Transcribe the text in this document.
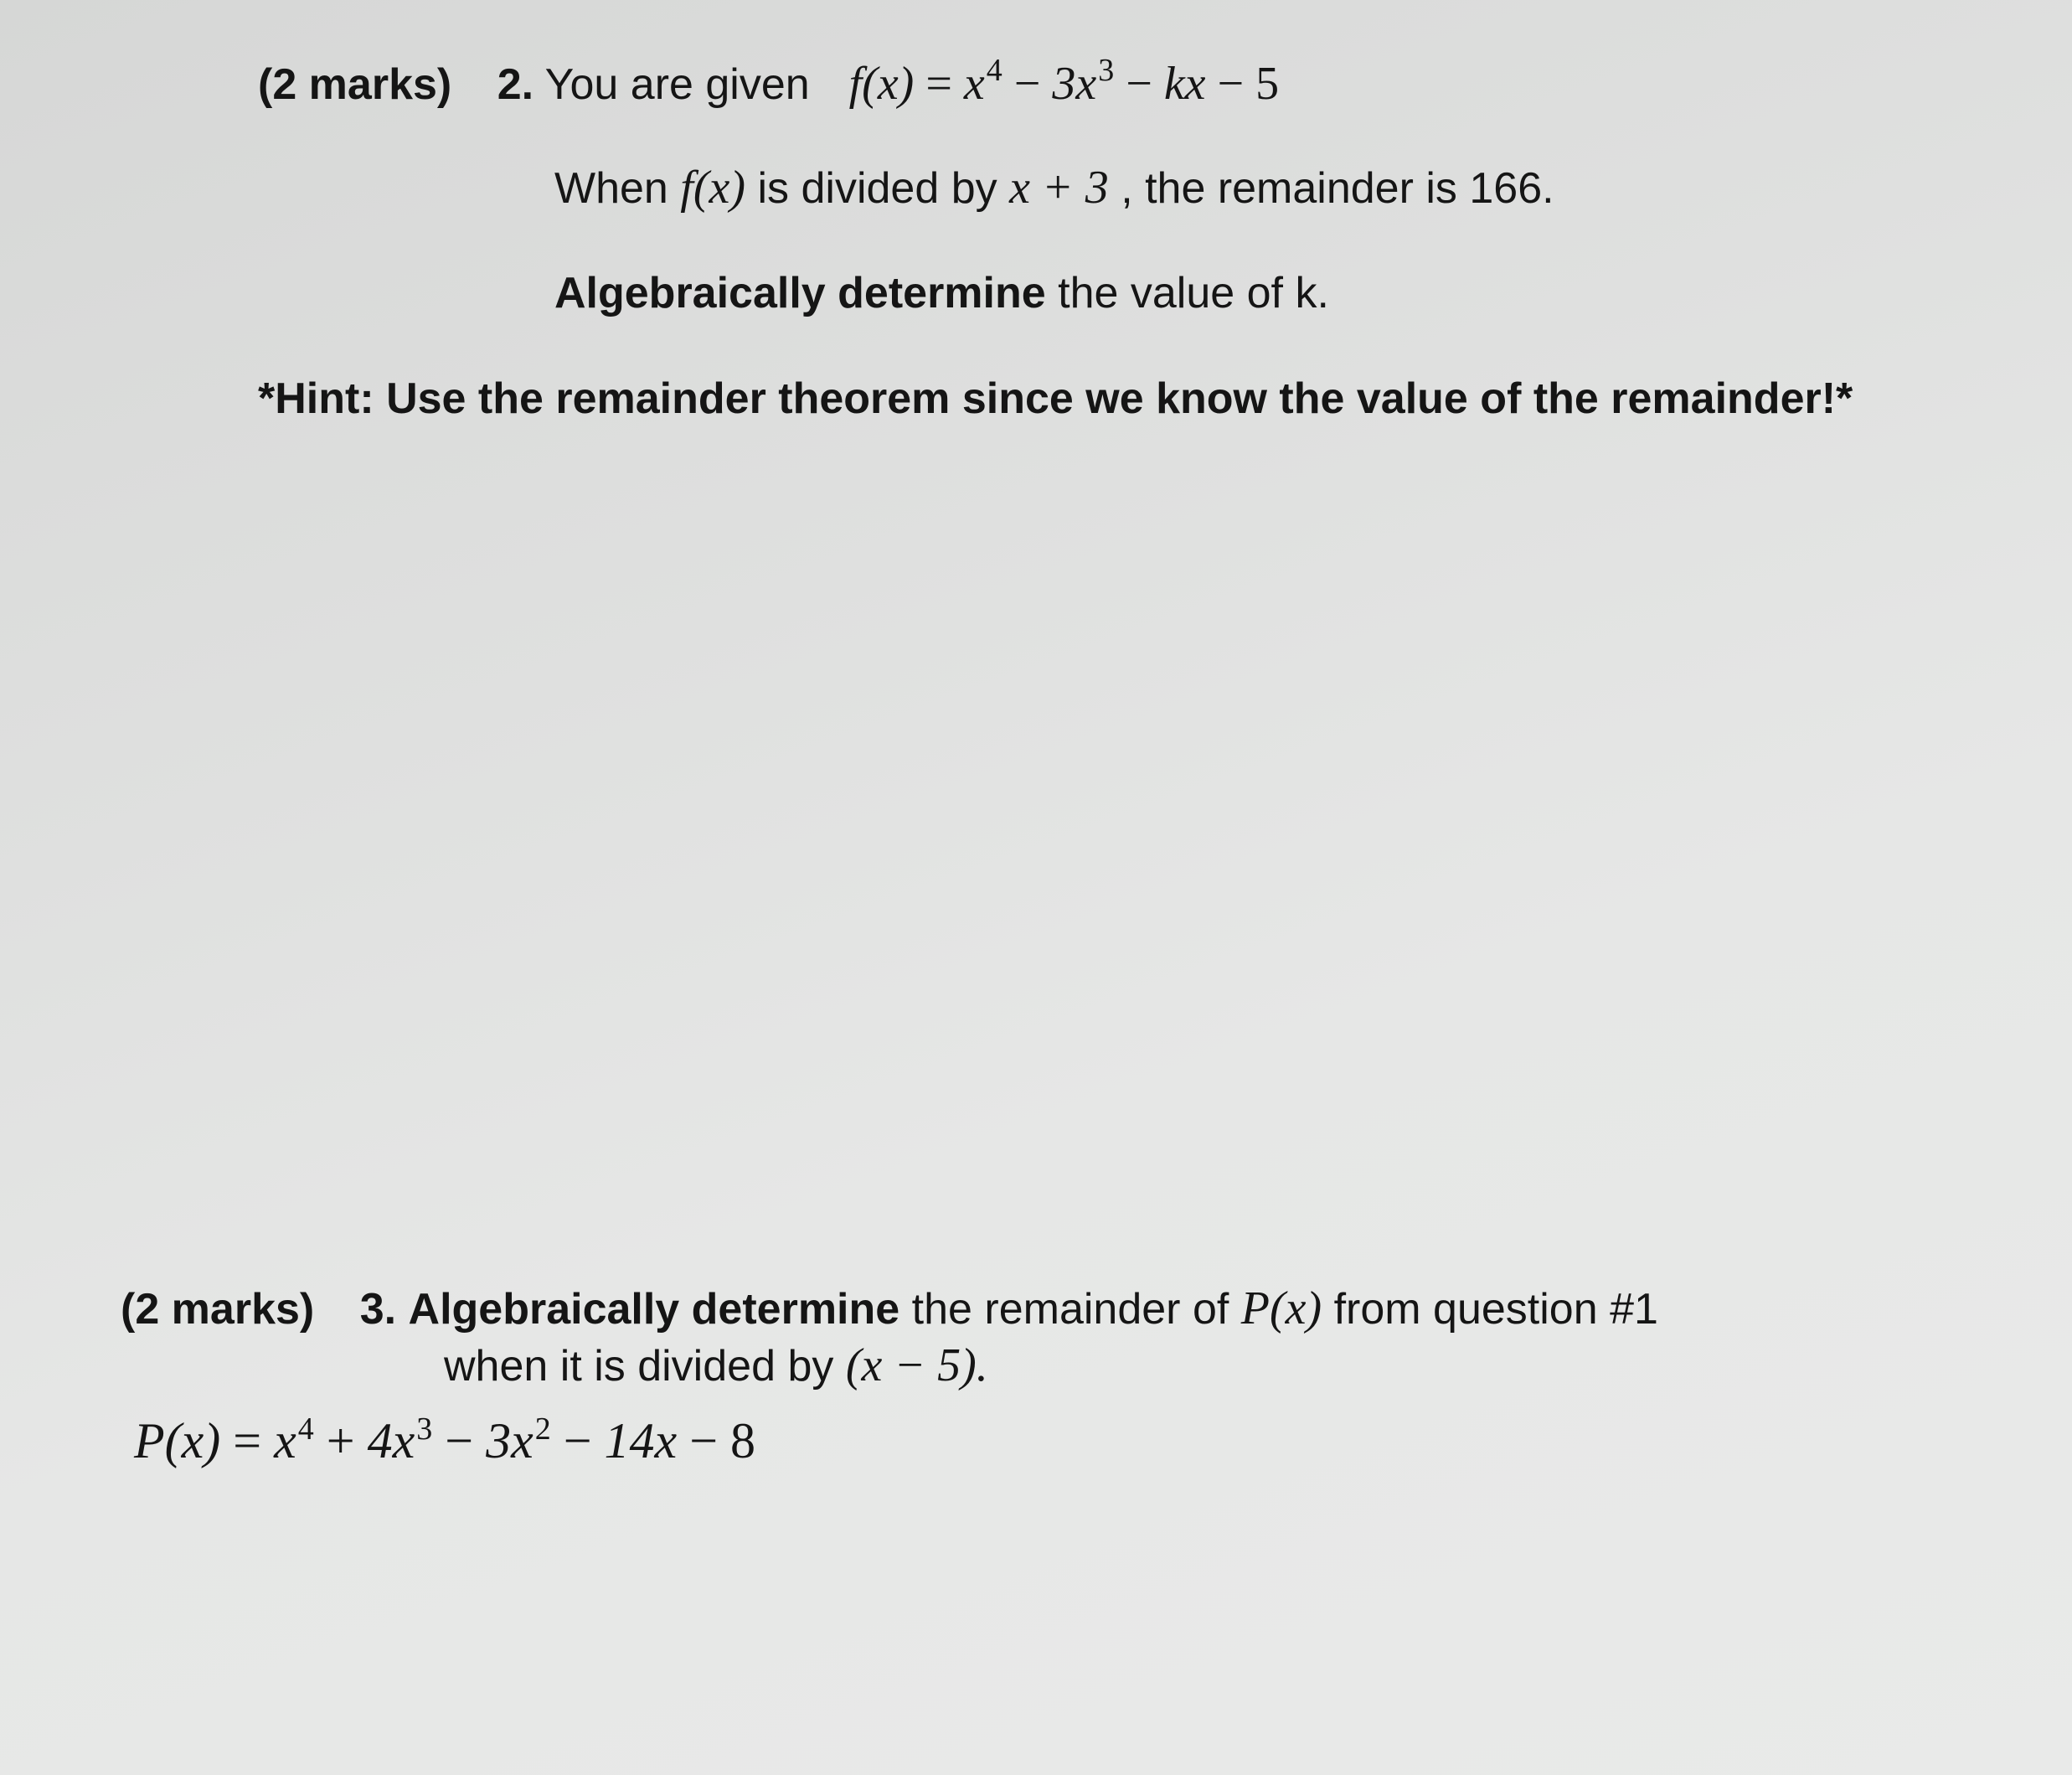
(2 marks) 2. You are given $f(x) = x^4 - 3x^3$ − kx − 5
When f(x) is divided by x + 3 , the remainder is 166.
Algebraically determine the value of k.
*Hint: Use the remainder theorem since we know the value of the remainder!*
(2 marks) 3. Algebraically determine the remainder of P(x) from question #1
when it is divided by (x − 5).
$P(x) = x^4 + 4x^3 - 3x^2 - 14x - 8$
